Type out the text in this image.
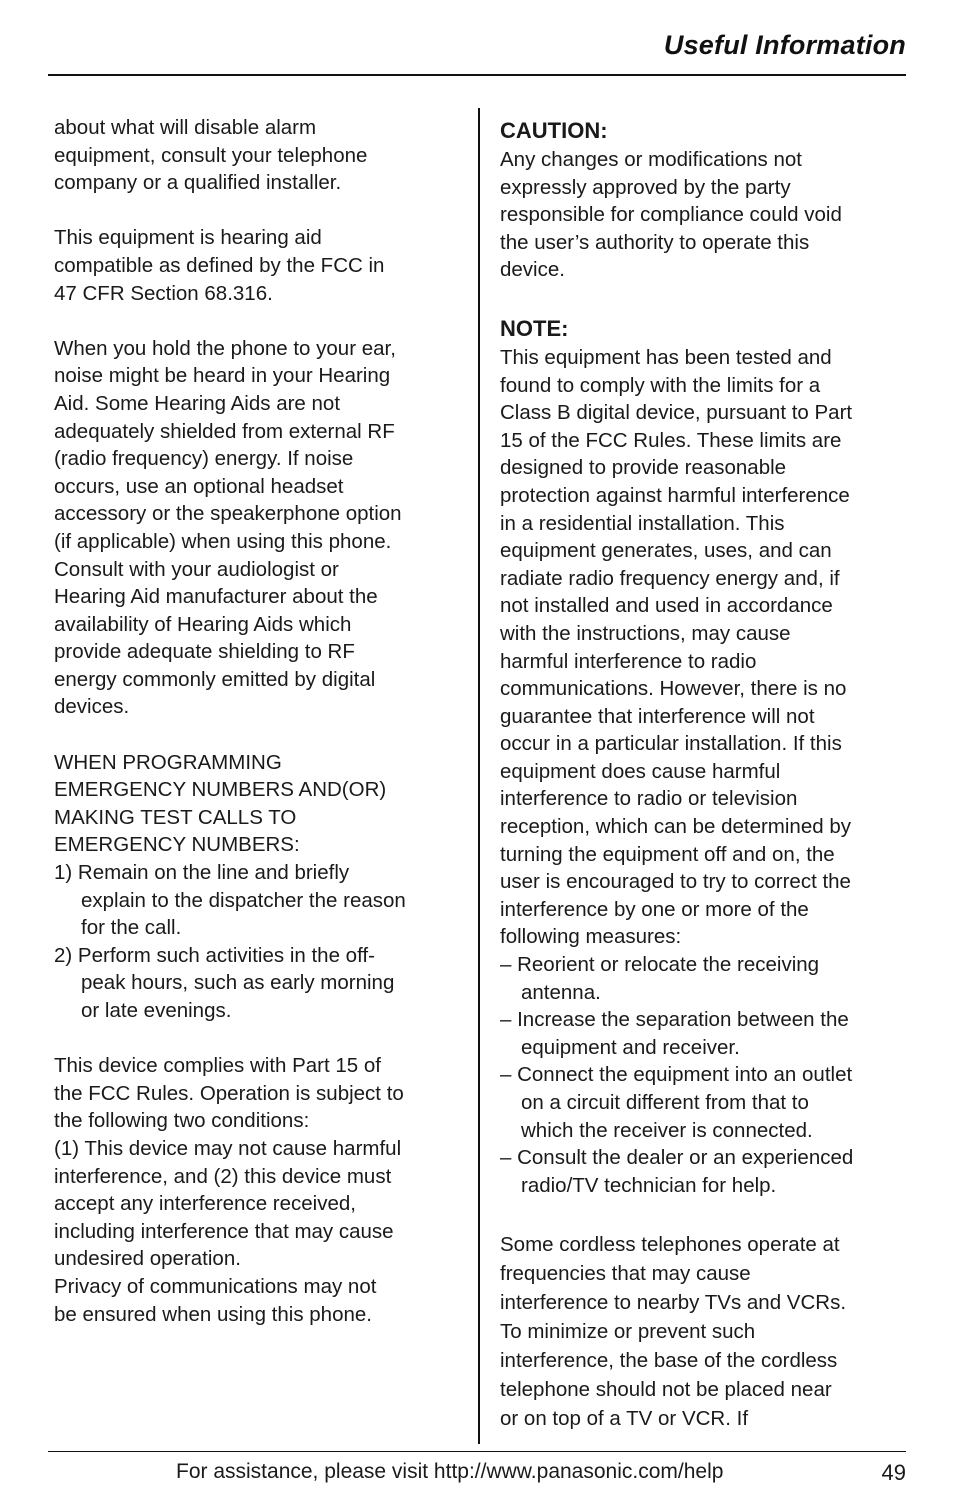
Useful Information

about what will disable alarm
equipment, consult your telephone
company or a qualified installer.

This equipment is hearing aid
compatible as defined by the FCC in
47 CFR Section 68.316.

When you hold the phone to your ear,
noise might be heard in your Hearing
Aid. Some Hearing Aids are not
adequately shielded from external RF
(radio frequency) energy. If noise
occurs, use an optional headset
accessory or the speakerphone option
(if applicable) when using this phone.
Consult with your audiologist or
Hearing Aid manufacturer about the
availability of Hearing Aids which
provide adequate shielding to RF
energy commonly emitted by digital
devices.

WHEN PROGRAMMING
EMERGENCY NUMBERS AND(OR)
MAKING TEST CALLS TO
EMERGENCY NUMBERS:

1) Remain on the line and briefly
explain to the dispatcher the reason
for the call.

2) Perform such activities in the off-
peak hours, such as early morning
or late evenings.

This device complies with Part 15 of
the FCC Rules. Operation is subject to
the following two conditions:
(1) This device may not cause harmful
interference, and (2) this device must
accept any interference received,
including interference that may cause
undesired operation.
Privacy of communications may not
be ensured when using this phone.

CAUTION:

Any changes or modifications not
expressly approved by the party
responsible for compliance could void
the user’s authority to operate this
device.

NOTE:

This equipment has been tested and
found to comply with the limits for a
Class B digital device, pursuant to Part
15 of the FCC Rules. These limits are
designed to provide reasonable
protection against harmful interference
in a residential installation. This
equipment generates, uses, and can
radiate radio frequency energy and, if
not installed and used in accordance
with the instructions, may cause
harmful interference to radio
communications. However, there is no
guarantee that interference will not
occur in a particular installation. If this
equipment does cause harmful
interference to radio or television
reception, which can be determined by
turning the equipment off and on, the
user is encouraged to try to correct the
interference by one or more of the
following measures:

– Reorient or relocate the receiving
antenna.

– Increase the separation between the
equipment and receiver.

– Connect the equipment into an outlet
on a circuit different from that to
which the receiver is connected.

– Consult the dealer or an experienced
radio/TV technician for help.

Some cordless telephones operate at
frequencies that may cause
interference to nearby TVs and VCRs.
To minimize or prevent such
interference, the base of the cordless
telephone should not be placed near
or on top of a TV or VCR. If

For assistance, please visit http://www.panasonic.com/help	49
